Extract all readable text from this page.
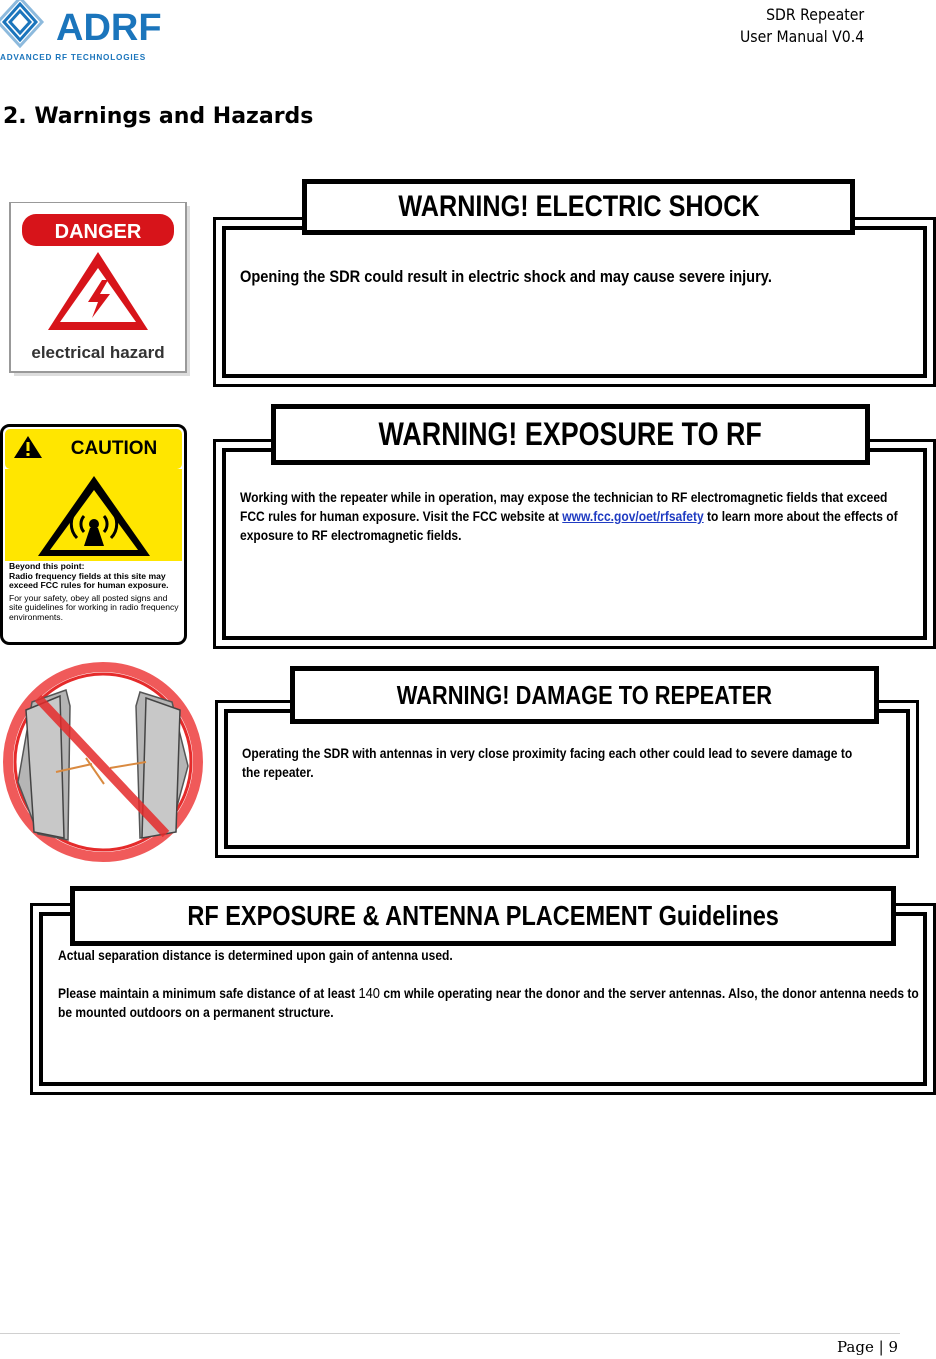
ADRF
ADVANCED RF TECHNOLOGIES
SDR Repeater
User Manual V0.4
2. Warnings and Hazards
DANGER
electrical hazard
WARNING! ELECTRIC SHOCK
Opening the SDR could result in electric shock and may cause severe injury.
CAUTION
Beyond this point:
Radio frequency fields at this site may exceed FCC rules for human exposure.
For your safety, obey all posted signs and site guidelines for working in radio frequency environments.
WARNING! EXPOSURE TO RF
Working with the repeater while in operation, may expose the technician to RF electromagnetic fields that exceed FCC rules for human exposure. Visit the FCC website at www.fcc.gov/oet/rfsafety to learn more about the effects of exposure to RF electromagnetic fields.
WARNING! DAMAGE TO REPEATER
Operating the SDR with antennas in very close proximity facing each other could lead to severe damage to the repeater.
RF EXPOSURE & ANTENNA PLACEMENT Guidelines
Actual separation distance is determined upon gain of antenna used.
Please maintain a minimum safe distance of at least 140 cm while operating near the donor and the server antennas. Also, the donor antenna needs to be mounted outdoors on a permanent structure.
Page | 9
